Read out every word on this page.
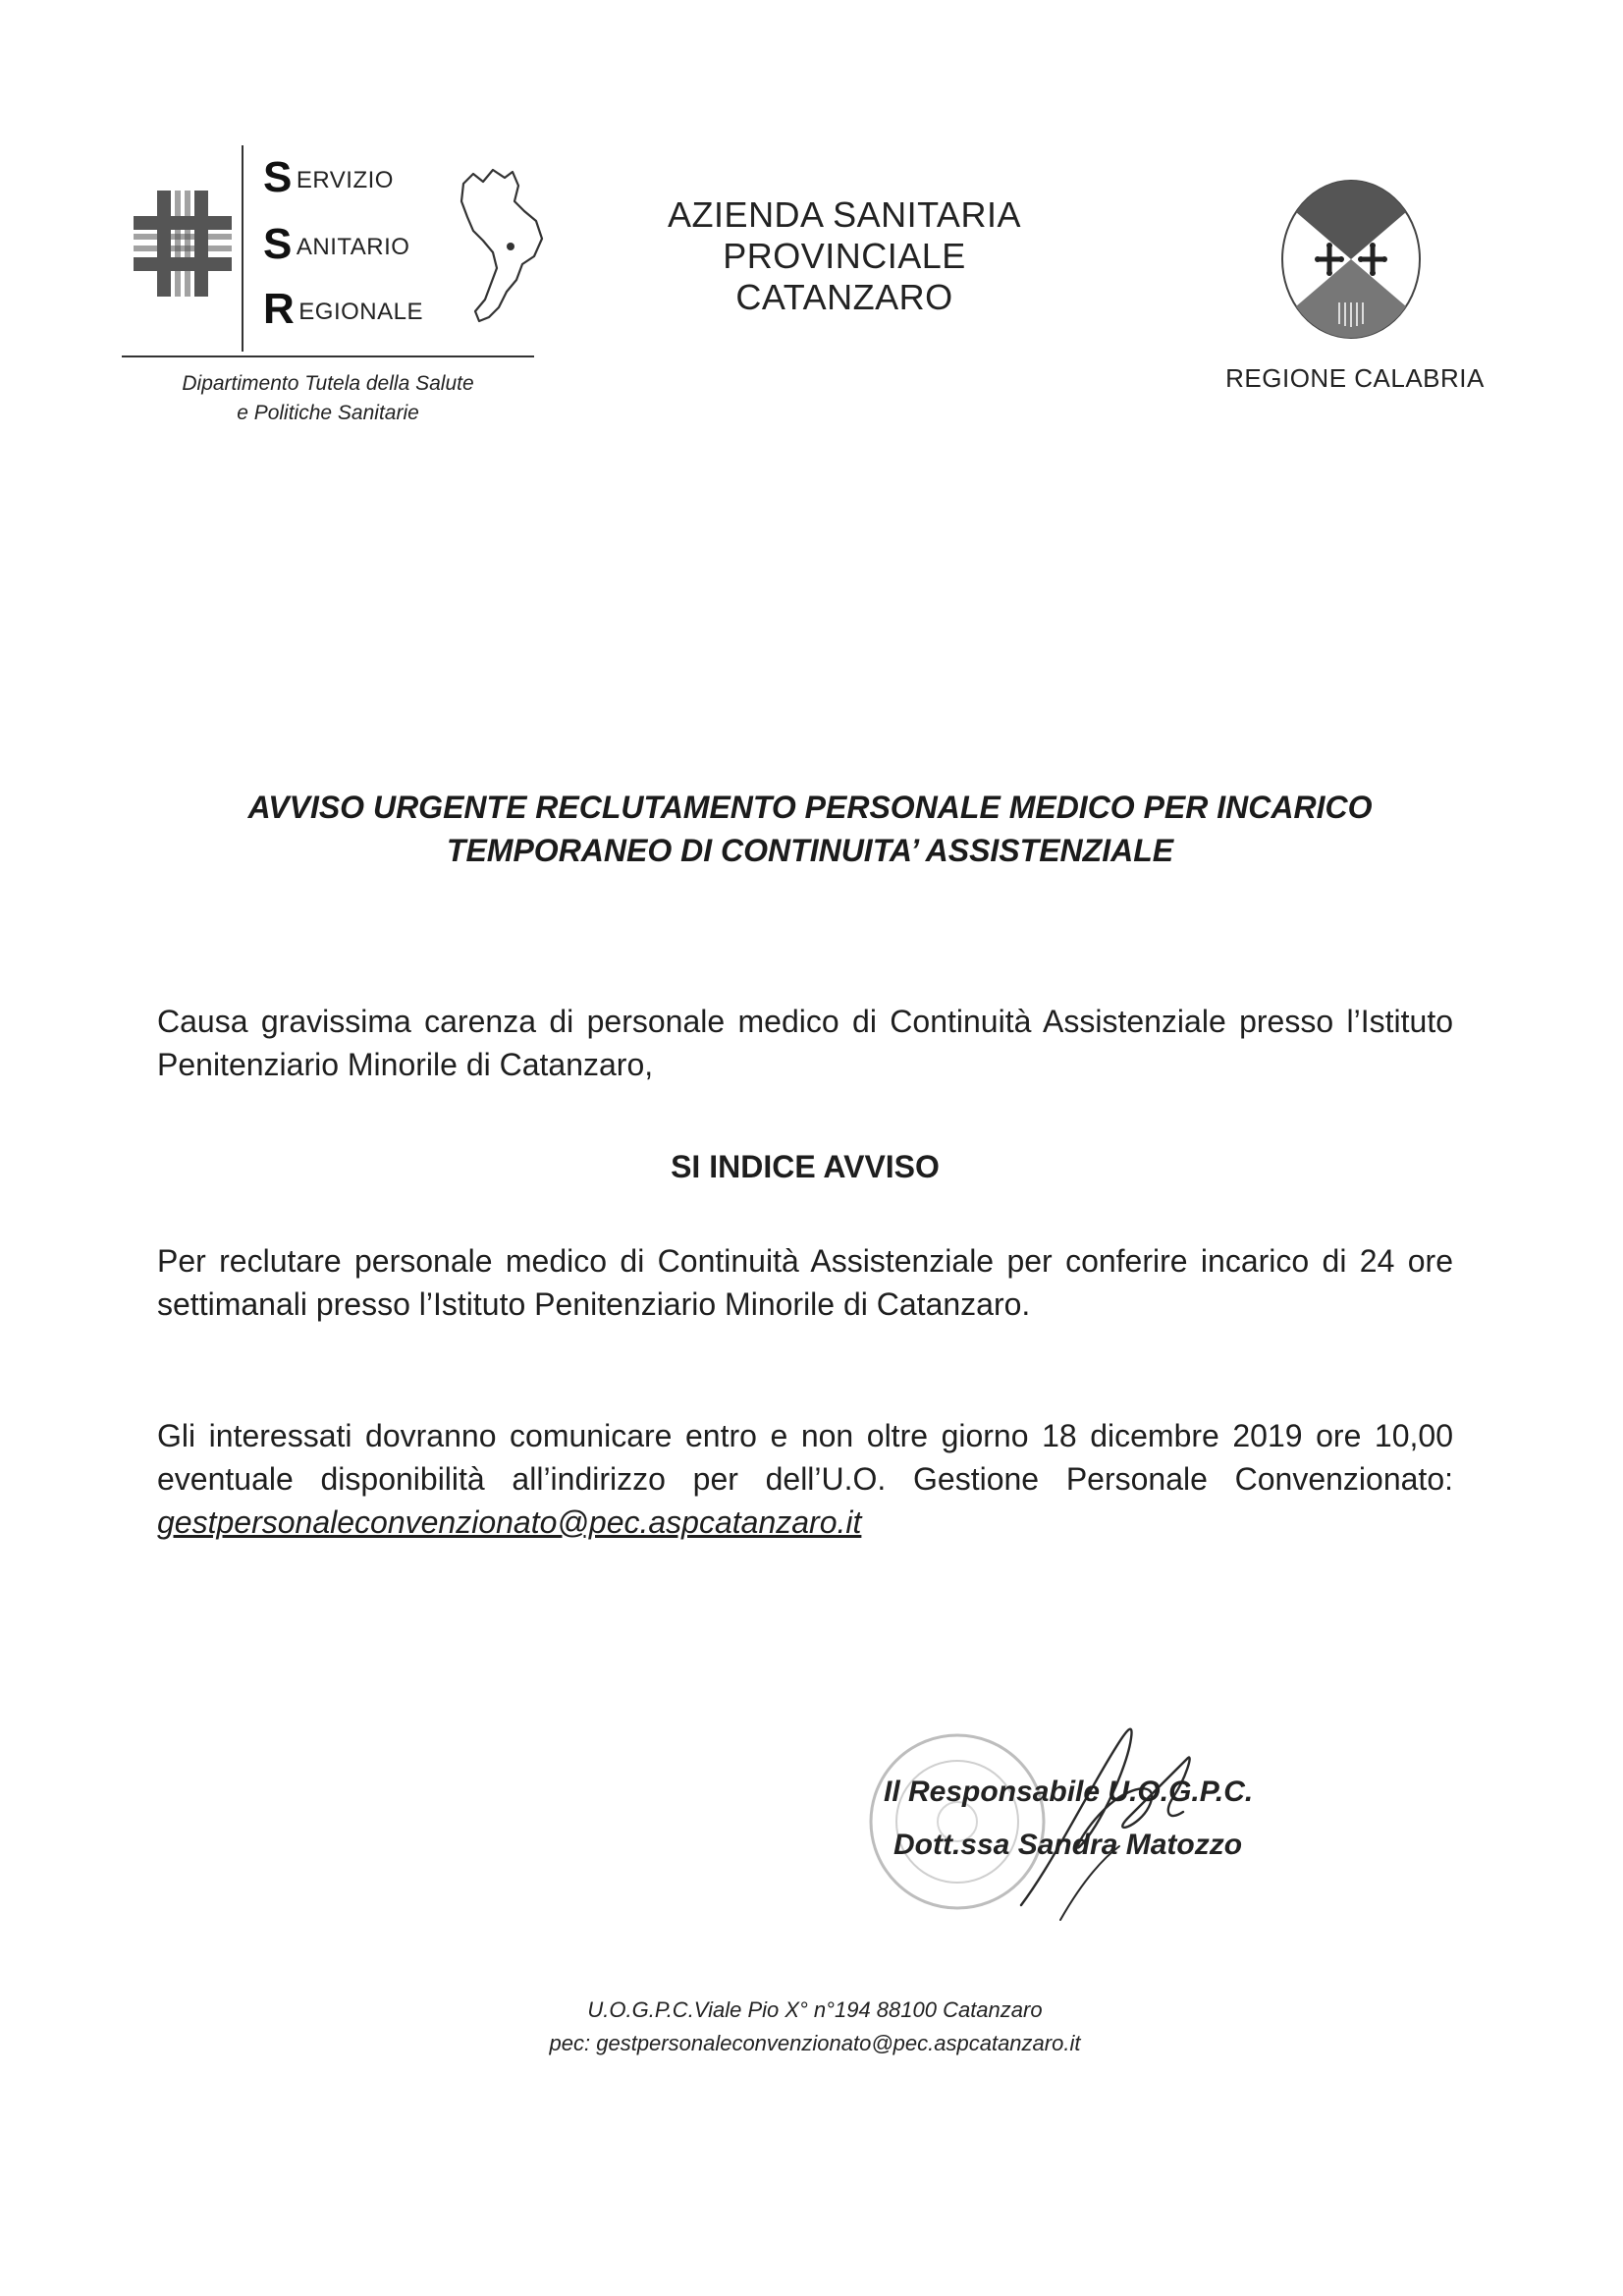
SERVIZIO
SANITARIO
REGIONALE
Dipartimento Tutela della Salute
e Politiche Sanitarie
AZIENDA SANITARIA PROVINCIALE
CATANZARO
REGIONE CALABRIA
AVVISO URGENTE RECLUTAMENTO PERSONALE MEDICO PER INCARICO
TEMPORANEO DI CONTINUITA’ ASSISTENZIALE
Causa gravissima carenza di personale medico di Continuità Assistenziale presso l’Istituto Penitenziario Minorile di Catanzaro,
SI INDICE AVVISO
Per reclutare personale medico di Continuità Assistenziale per conferire incarico di 24 ore settimanali presso l’Istituto Penitenziario Minorile di Catanzaro.
Gli interessati dovranno comunicare entro e non oltre giorno 18 dicembre 2019 ore 10,00 eventuale disponibilità all’indirizzo per dell’U.O. Gestione Personale Convenzionato: gestpersonaleconvenzionato@pec.aspcatanzaro.it
Il Responsabile U.O.G.P.C.
Dott.ssa Sandra Matozzo
U.O.G.P.C.Viale Pio X° n°194 88100 Catanzaro
pec: gestpersonaleconvenzionato@pec.aspcatanzaro.it
